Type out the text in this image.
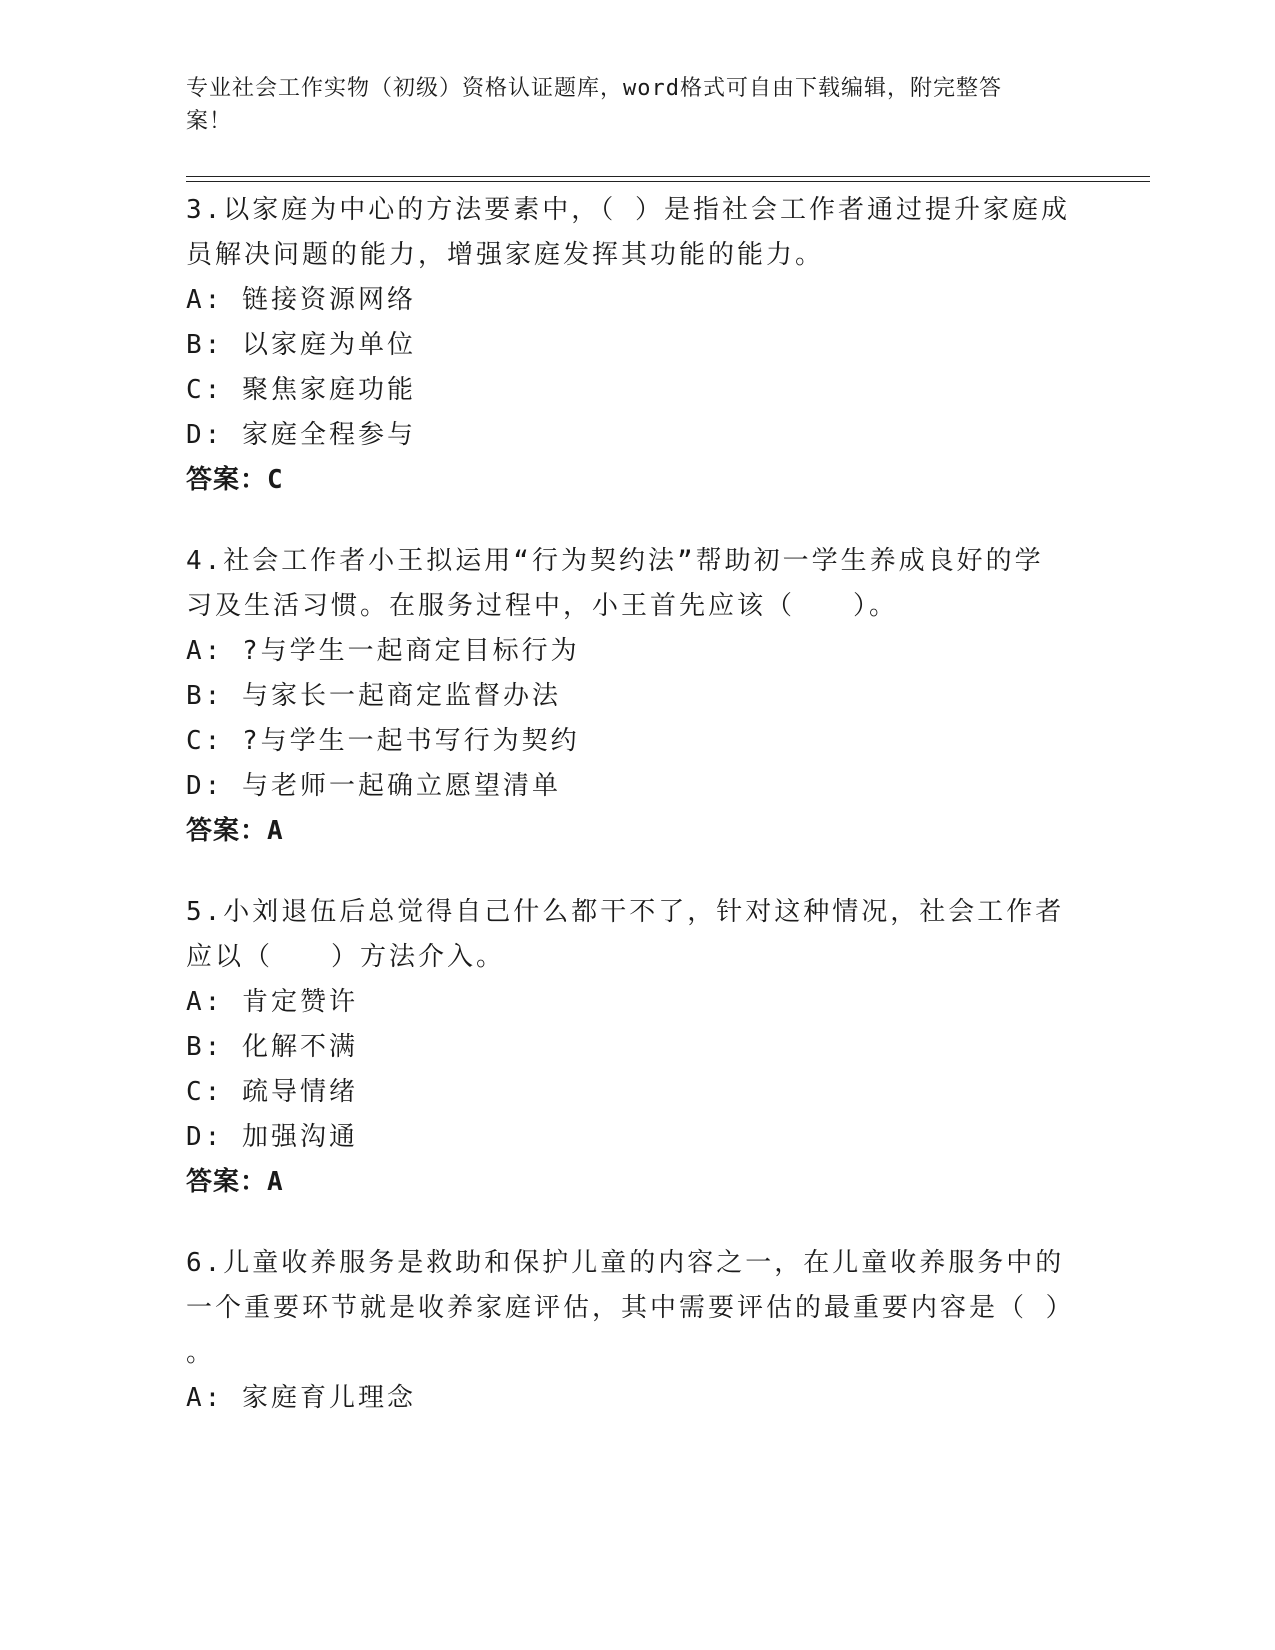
专业社会工作实物（初级）资格认证题库，word格式可自由下载编辑，附完整答
案！
3.以家庭为中心的方法要素中，（ ）是指社会工作者通过提升家庭成
员解决问题的能力，增强家庭发挥其功能的能力。
A: 链接资源网络
B: 以家庭为单位
C: 聚焦家庭功能
D: 家庭全程参与
答案：C
4.社会工作者小王拟运用“行为契约法”帮助初一学生养成良好的学
习及生活习惯。在服务过程中，小王首先应该（　　）。
A: ?与学生一起商定目标行为
B: 与家长一起商定监督办法
C: ?与学生一起书写行为契约
D: 与老师一起确立愿望清单
答案：A
5.小刘退伍后总觉得自己什么都干不了，针对这种情况，社会工作者
应以（　　）方法介入。
A: 肯定赞许
B: 化解不满
C: 疏导情绪
D: 加强沟通
答案：A
6.儿童收养服务是救助和保护儿童的内容之一，在儿童收养服务中的
一个重要环节就是收养家庭评估，其中需要评估的最重要内容是（ ）
。
A: 家庭育儿理念
